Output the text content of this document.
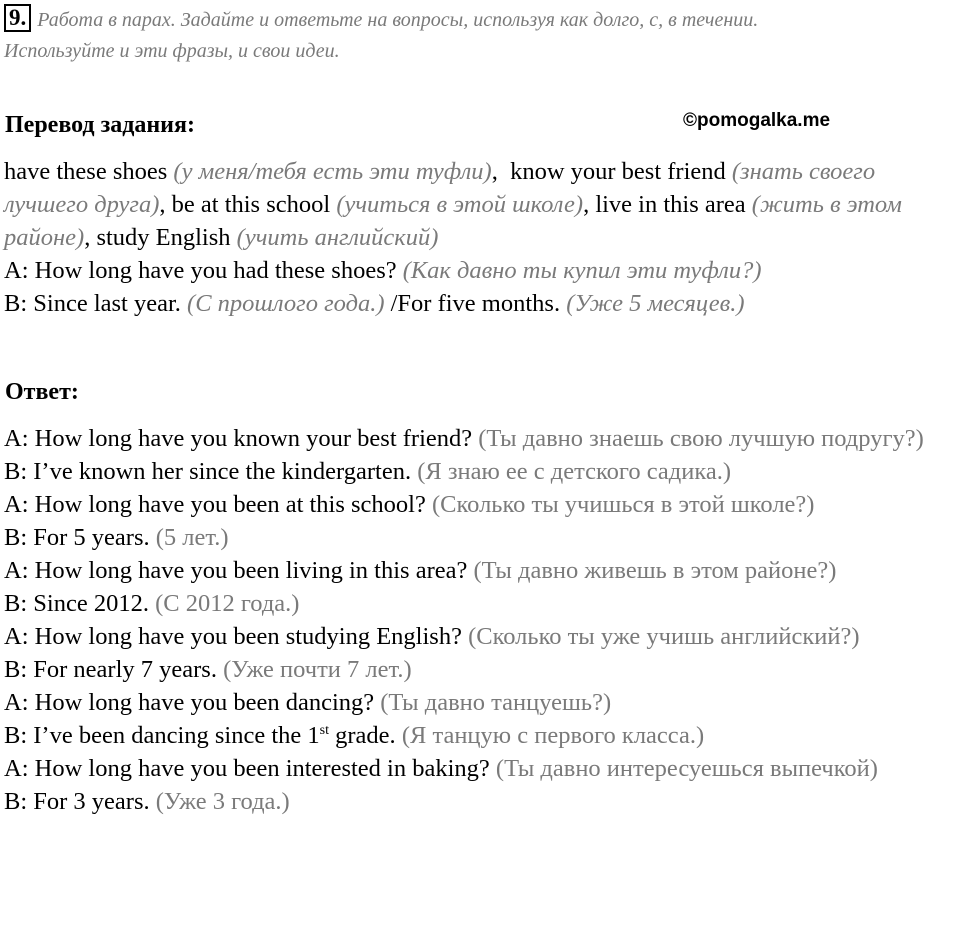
9. Работа в парах. Задайте и ответьте на вопросы, используя как долго, с, в течении.
Используйте и эти фразы, и свои идеи.
Перевод задания:	©pomogalka.me
have these shoes (у меня/тебя есть эти туфли),  know your best friend (знать своего лучшего друга), be at this school (учиться в этой школе), live in this area (жить в этом районе), study English (учить английский)
A: How long have you had these shoes? (Как давно ты купил эти туфли?)
B: Since last year. (С прошлого года.) /For five months. (Уже 5 месяцев.)
Ответ:
A: How long have you known your best friend? (Ты давно знаешь свою лучшую подругу?)
B: I’ve known her since the kindergarten. (Я знаю ее с детского садика.)
A: How long have you been at this school? (Сколько ты учишься в этой школе?)
B: For 5 years. (5 лет.)
A: How long have you been living in this area? (Ты давно живешь в этом районе?)
B: Since 2012. (С 2012 года.)
A: How long have you been studying English? (Сколько ты уже учишь английский?)
B: For nearly 7 years. (Уже почти 7 лет.)
A: How long have you been dancing? (Ты давно танцуешь?)
B: I’ve been dancing since the 1st grade. (Я танцую с первого класса.)
A: How long have you been interested in baking? (Ты давно интересуешься выпечкой)
B: For 3 years. (Уже 3 года.)
